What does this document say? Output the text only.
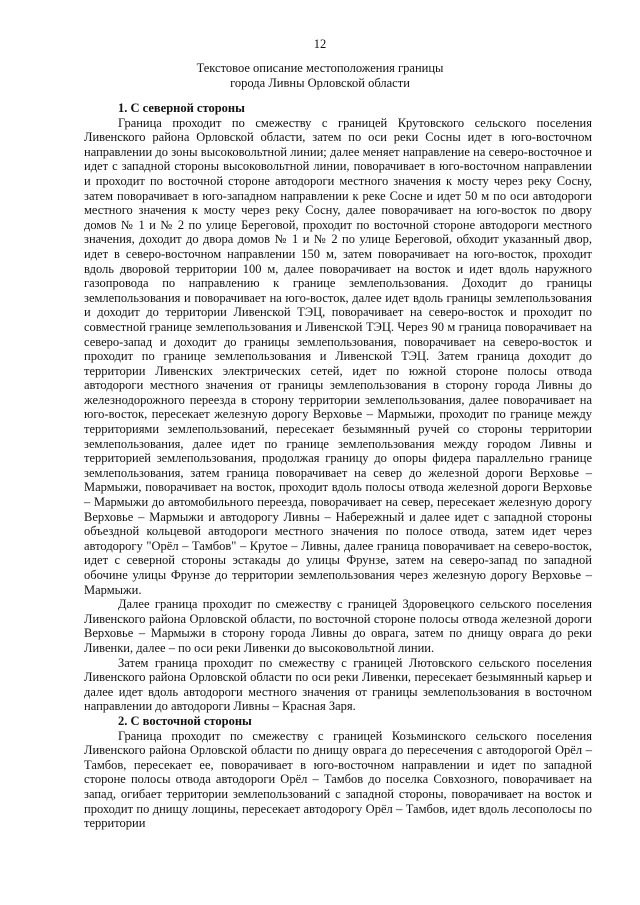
12
Текстовое описание местоположения границы
города Ливны Орловской области
1. С северной стороны

Граница проходит по смежеству с границей Крутовского сельского поселения Ливенского района Орловской области, затем по оси реки Сосны идет в юго-восточном направлении до зоны высоковольтной линии; далее меняет направление на северо-восточное и идет с западной стороны высоковольтной линии, поворачивает в юго-восточном направлении и проходит по восточной стороне автодороги местного значения к мосту через реку Сосну, затем поворачивает в юго-западном направлении к реке Сосне и идет 50 м по оси автодороги местного значения к мосту через реку Сосну, далее поворачивает на юго-восток по двору домов № 1 и № 2 по улице Береговой, проходит по восточной стороне автодороги местного значения, доходит до двора домов № 1 и № 2 по улице Береговой, обходит указанный двор, идет в северо-восточном направлении 150 м, затем поворачивает на юго-восток, проходит вдоль дворовой территории 100 м, далее поворачивает на восток и идет вдоль наружного газопровода по направлению к границе землепользования. Доходит до границы землепользования и поворачивает на юго-восток, далее идет вдоль границы землепользования и доходит до территории Ливенской ТЭЦ, поворачивает на северо-восток и проходит по совместной границе землепользования и Ливенской ТЭЦ. Через 90 м граница поворачивает на северо-запад и доходит до границы землепользования, поворачивает на северо-восток и проходит по границе землепользования и Ливенской ТЭЦ. Затем граница доходит до территории Ливенских электрических сетей, идет по южной стороне полосы отвода автодороги местного значения от границы землепользования в сторону города Ливны до железнодорожного переезда в сторону территории землепользования, далее поворачивает на юго-восток, пересекает железную дорогу Верховье – Мармыжи, проходит по границе между территориями землепользований, пересекает безымянный ручей со стороны территории землепользования, далее идет по границе землепользования между городом Ливны и территорией землепользования, продолжая границу до опоры фидера параллельно границе землепользования, затем граница поворачивает на север до железной дороги Верховье – Мармыжи, поворачивает на восток, проходит вдоль полосы отвода железной дороги Верховье – Мармыжи до автомобильного переезда, поворачивает на север, пересекает железную дорогу Верховье – Мармыжи и автодорогу Ливны – Набережный и далее идет с западной стороны объездной кольцевой автодороги местного значения по полосе отвода, затем идет через автодорогу "Орёл – Тамбов" – Крутое – Ливны, далее граница поворачивает на северо-восток, идет с северной стороны эстакады до улицы Фрунзе, затем на северо-запад по западной обочине улицы Фрунзе до территории землепользования через железную дорогу Верховье – Мармыжи.

Далее граница проходит по смежеству с границей Здоровецкого сельского поселения Ливенского района Орловской области, по восточной стороне полосы отвода железной дороги Верховье – Мармыжи в сторону города Ливны до оврага, затем по днищу оврага до реки Ливенки, далее – по оси реки Ливенки до высоковольтной линии.

Затем граница проходит по смежеству с границей Лютовского сельского поселения Ливенского района Орловской области по оси реки Ливенки, пересекает безымянный карьер и далее идет вдоль автодороги местного значения от границы землепользования в восточном направлении до автодороги Ливны – Красная Заря.

2. С восточной стороны

Граница проходит по смежеству с границей Козьминского сельского поселения Ливенского района Орловской области по днищу оврага до пересечения с автодорогой Орёл – Тамбов, пересекает ее, поворачивает в юго-восточном направлении и идет по западной стороне полосы отвода автодороги Орёл – Тамбов до поселка Совхозного, поворачивает на запад, огибает территории землепользований с западной стороны, поворачивает на восток и проходит по днищу лощины, пересекает автодорогу Орёл – Тамбов, идет вдоль лесополосы по территории
